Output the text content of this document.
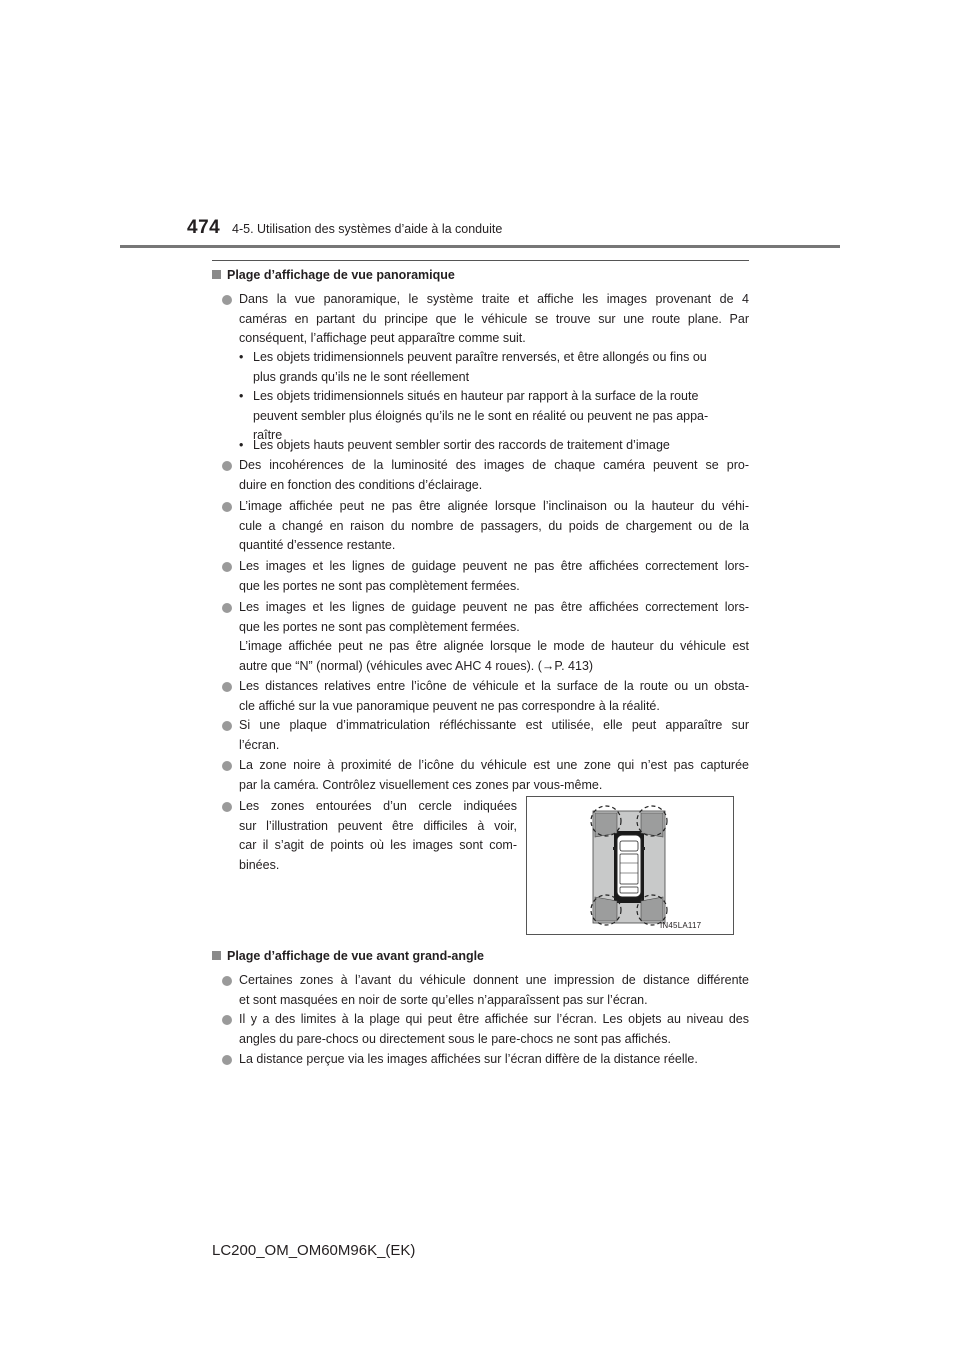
474 4-5. Utilisation des systèmes d’aide à la conduite
Plage d’affichage de vue panoramique
Dans la vue panoramique, le système traite et affiche les images provenant de 4
caméras en partant du principe que le véhicule se trouve sur une route plane. Par
conséquent, l’affichage peut apparaître comme suit.
• Les objets tridimensionnels peuvent paraître renversés, et être allongés ou fins ou
plus grands qu’ils ne le sont réellement
• Les objets tridimensionnels situés en hauteur par rapport à la surface de la route
peuvent sembler plus éloignés qu’ils ne le sont en réalité ou peuvent ne pas appa-
raître
• Les objets hauts peuvent sembler sortir des raccords de traitement d’image
Des incohérences de la luminosité des images de chaque caméra peuvent se pro-
duire en fonction des conditions d’éclairage.
L’image affichée peut ne pas être alignée lorsque l’inclinaison ou la hauteur du véhi-
cule a changé en raison du nombre de passagers, du poids de chargement ou de la
quantité d’essence restante.
Les images et les lignes de guidage peuvent ne pas être affichées correctement lors-
que les portes ne sont pas complètement fermées.
Les images et les lignes de guidage peuvent ne pas être affichées correctement lors-
que les portes ne sont pas complètement fermées.
L’image affichée peut ne pas être alignée lorsque le mode de hauteur du véhicule est
autre que “N” (normal) (véhicules avec AHC 4 roues). (→P. 413)
Les distances relatives entre l’icône de véhicule et la surface de la route ou un obsta-
cle affiché sur la vue panoramique peuvent ne pas correspondre à la réalité.
Si une plaque d’immatriculation réfléchissante est utilisée, elle peut apparaître sur
l’écran.
La zone noire à proximité de l’icône du véhicule est une zone qui n’est pas capturée
par la caméra. Contrôlez visuellement ces zones par vous-même.
Les zones entourées d’un cercle indiquées
sur l’illustration peuvent être difficiles à voir,
car il s’agit de points où les images sont com-
binées.
IN45LA117
Plage d’affichage de vue avant grand-angle
Certaines zones à l’avant du véhicule donnent une impression de distance différente
et sont masquées en noir de sorte qu’elles n’apparaîssent pas sur l’écran.
Il y a des limites à la plage qui peut être affichée sur l’écran. Les objets au niveau des
angles du pare-chocs ou directement sous le pare-chocs ne sont pas affichés.
La distance perçue via les images affichées sur l’écran diffère de la distance réelle.
LC200_OM_OM60M96K_(EK)
